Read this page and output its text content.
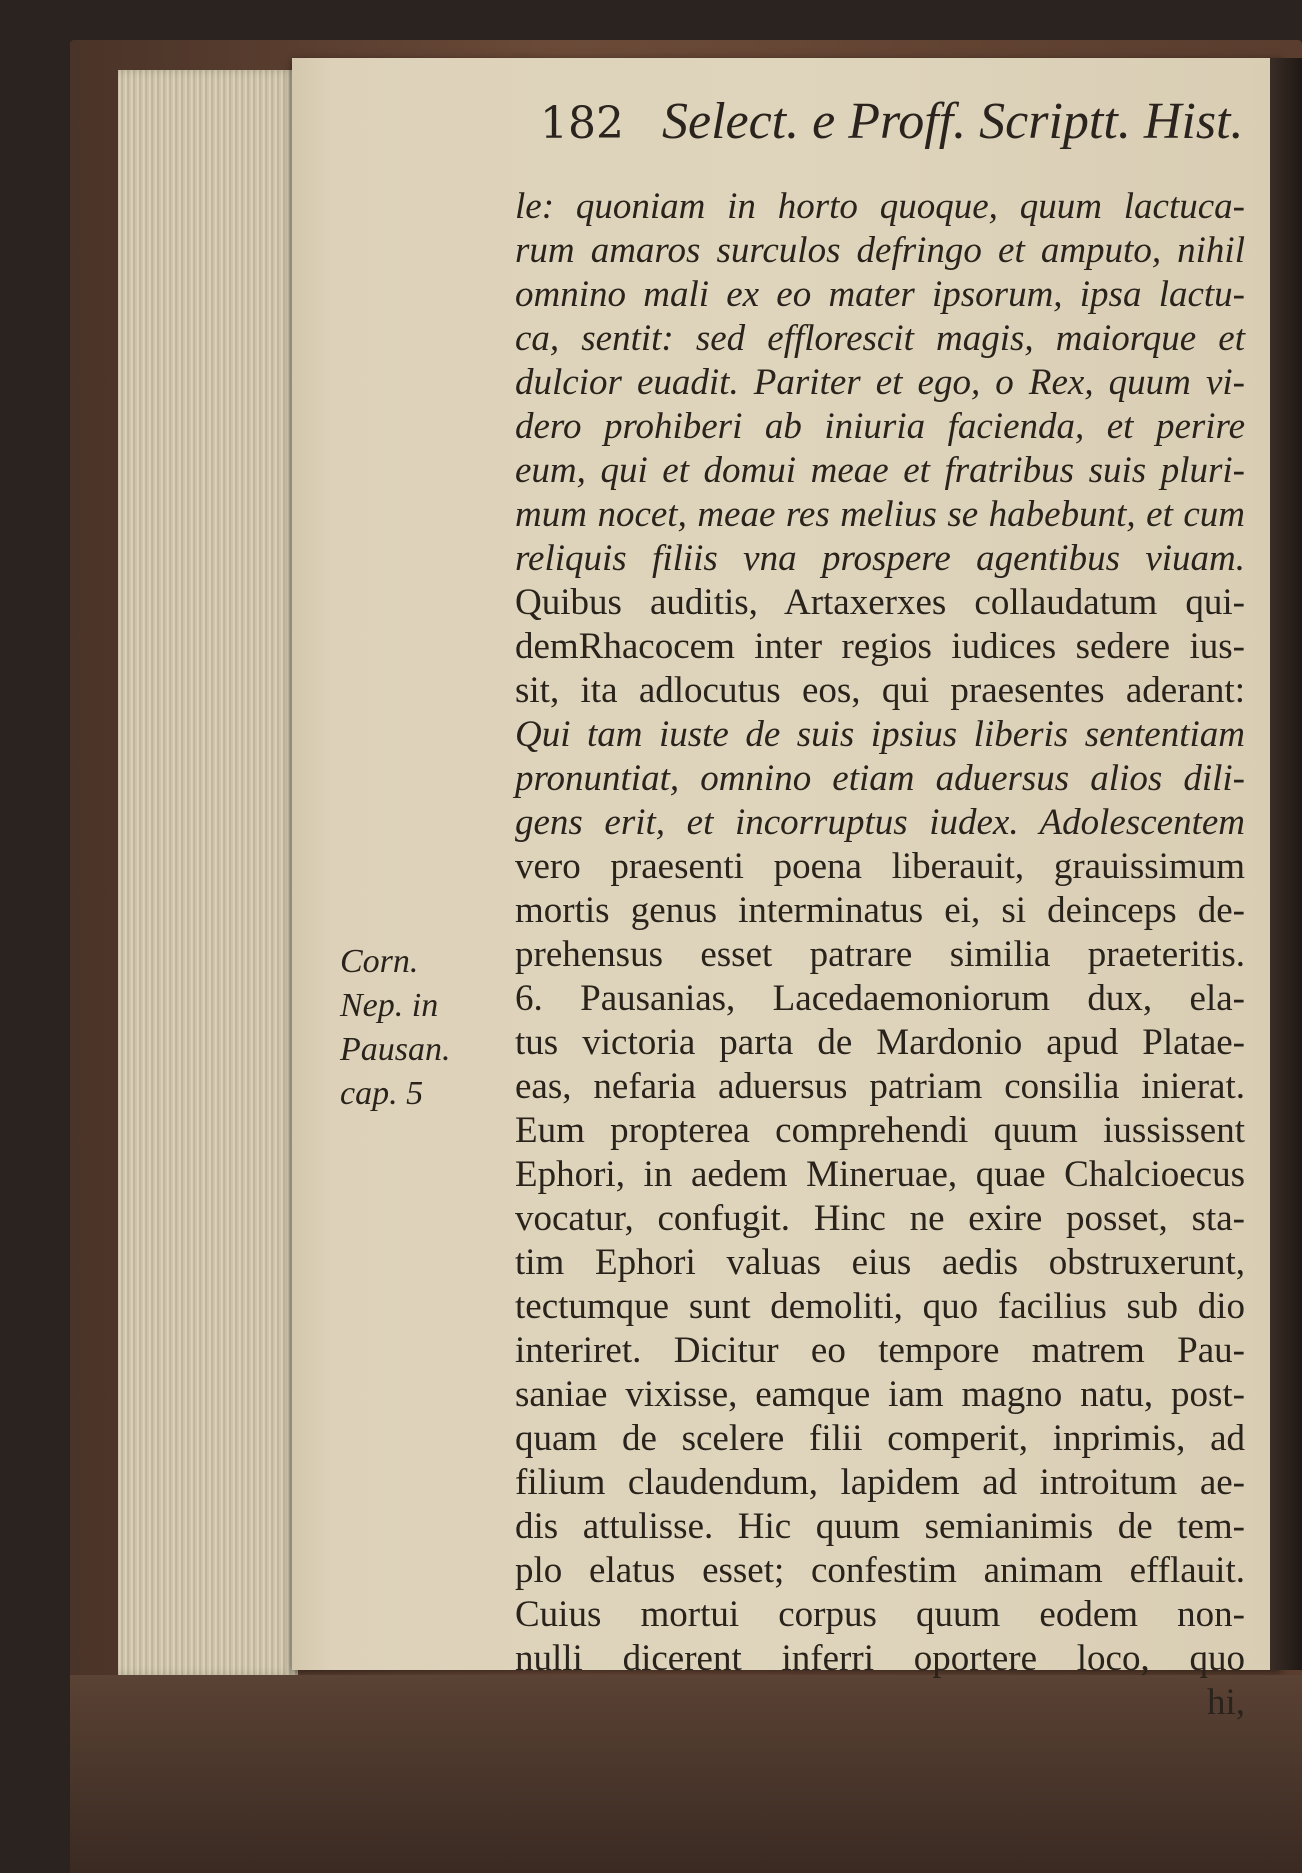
182 Select. e Proff. Scriptt. Hist.
Corn.
Nep. in
Pausan.
cap. 5
le: quoniam in horto quoque, quum lactuca-
rum amaros surculos defringo et amputo, nihil
omnino mali ex eo mater ipsorum, ipsa lactu-
ca, sentit: sed efflorescit magis, maiorque et
dulcior euadit. Pariter et ego, o Rex, quum vi-
dero prohiberi ab iniuria facienda, et perire
eum, qui et domui meae et fratribus suis pluri-
mum nocet, meae res melius se habebunt, et cum
reliquis filiis vna prospere agentibus viuam.
Quibus auditis, Artaxerxes collaudatum qui-
demRhacocem inter regios iudices sedere ius-
sit, ita adlocutus eos, qui praesentes aderant:
Qui tam iuste de suis ipsius liberis sententiam
pronuntiat, omnino etiam aduersus alios dili-
gens erit, et incorruptus iudex. Adolescentem
vero praesenti poena liberauit, grauissimum
mortis genus interminatus ei, si deinceps de-
prehensus esset patrare similia praeteritis.
6. Pausanias, Lacedaemoniorum dux, ela-
tus victoria parta de Mardonio apud Platae-
eas, nefaria aduersus patriam consilia inierat.
Eum propterea comprehendi quum iussissent
Ephori, in aedem Mineruae, quae Chalcioecus
vocatur, confugit. Hinc ne exire posset, sta-
tim Ephori valuas eius aedis obstruxerunt,
tectumque sunt demoliti, quo facilius sub dio
interiret. Dicitur eo tempore matrem Pau-
saniae vixisse, eamque iam magno natu, post-
quam de scelere filii comperit, inprimis, ad
filium claudendum, lapidem ad introitum ae-
dis attulisse. Hic quum semianimis de tem-
plo elatus esset; confestim animam efflauit.
Cuius mortui corpus quum eodem non-
nulli dicerent inferri oportere loco, quo
hi,
